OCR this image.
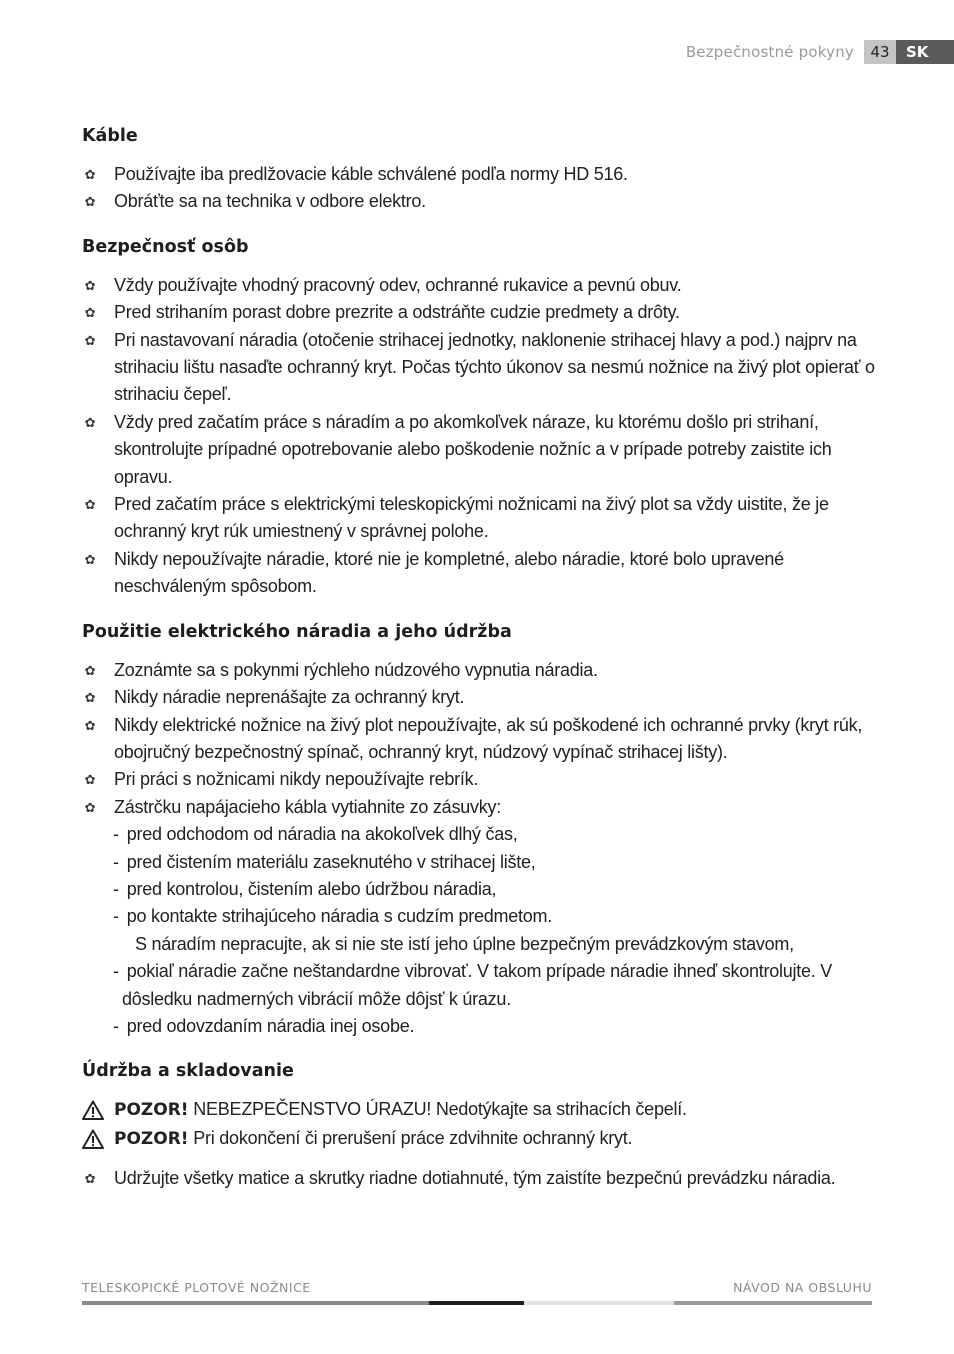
Bezpečnostné pokyny	43	SK
Káble
✿ Používajte iba predlžovacie káble schválené podľa normy HD 516.
✿ Obráťte sa na technika v odbore elektro.
Bezpečnosť osôb
✿ Vždy používajte vhodný pracovný odev, ochranné rukavice a pevnú obuv.
✿ Pred strihaním porast dobre prezrite a odstráňte cudzie predmety a drôty.
✿ Pri nastavovaní náradia (otočenie strihacej jednotky, naklonenie strihacej hlavy a pod.) najprv na strihaciu lištu nasaďte ochranný kryt. Počas týchto úkonov sa nesmú nožnice na živý plot opierať o strihaciu čepeľ.
✿ Vždy pred začatím práce s náradím a po akomkoľvek náraze, ku ktorému došlo pri strihaní, skontrolujte prípadné opotrebovanie alebo poškodenie nožníc a v prípade potreby zaistite ich opravu.
✿ Pred začatím práce s elektrickými teleskopickými nožnicami na živý plot sa vždy uistite, že je ochranný kryt rúk umiestnený v správnej polohe.
✿ Nikdy nepoužívajte náradie, ktoré nie je kompletné, alebo náradie, ktoré bolo upravené neschváleným spôsobom.
Použitie elektrického náradia a jeho údržba
✿ Zoznámte sa s pokynmi rýchleho núdzového vypnutia náradia.
✿ Nikdy náradie neprenášajte za ochranný kryt.
✿ Nikdy elektrické nožnice na živý plot nepoužívajte, ak sú poškodené ich ochranné prvky (kryt rúk, obojručný bezpečnostný spínač, ochranný kryt, núdzový vypínač strihacej lišty).
✿ Pri práci s nožnicami nikdy nepoužívajte rebrík.
✿ Zástrčku napájacieho kábla vytiahnite zo zásuvky:
- pred odchodom od náradia na akokoľvek dlhý čas,
- pred čistením materiálu zaseknutého v strihacej lište,
- pred kontrolou, čistením alebo údržbou náradia,
- po kontakte strihajúceho náradia s cudzím predmetom.
S náradím nepracujte, ak si nie ste istí jeho úplne bezpečným prevádzkovým stavom,
- pokiaľ náradie začne neštandardne vibrovať. V takom prípade náradie ihneď skontrolujte. V dôsledku nadmerných vibrácií môže dôjsť k úrazu.
- pred odovzdaním náradia inej osobe.
Údržba a skladovanie
POZOR! NEBEZPEČENSTVO ÚRAZU! Nedotýkajte sa strihacích čepelí.
POZOR! Pri dokončení či prerušení práce zdvihnite ochranný kryt.
✿ Udržujte všetky matice a skrutky riadne dotiahnuté, tým zaistíte bezpečnú prevádzku náradia.
TELESKOPICKÉ PLOTOVÉ NOŽNICE	NÁVOD NA OBSLUHU
